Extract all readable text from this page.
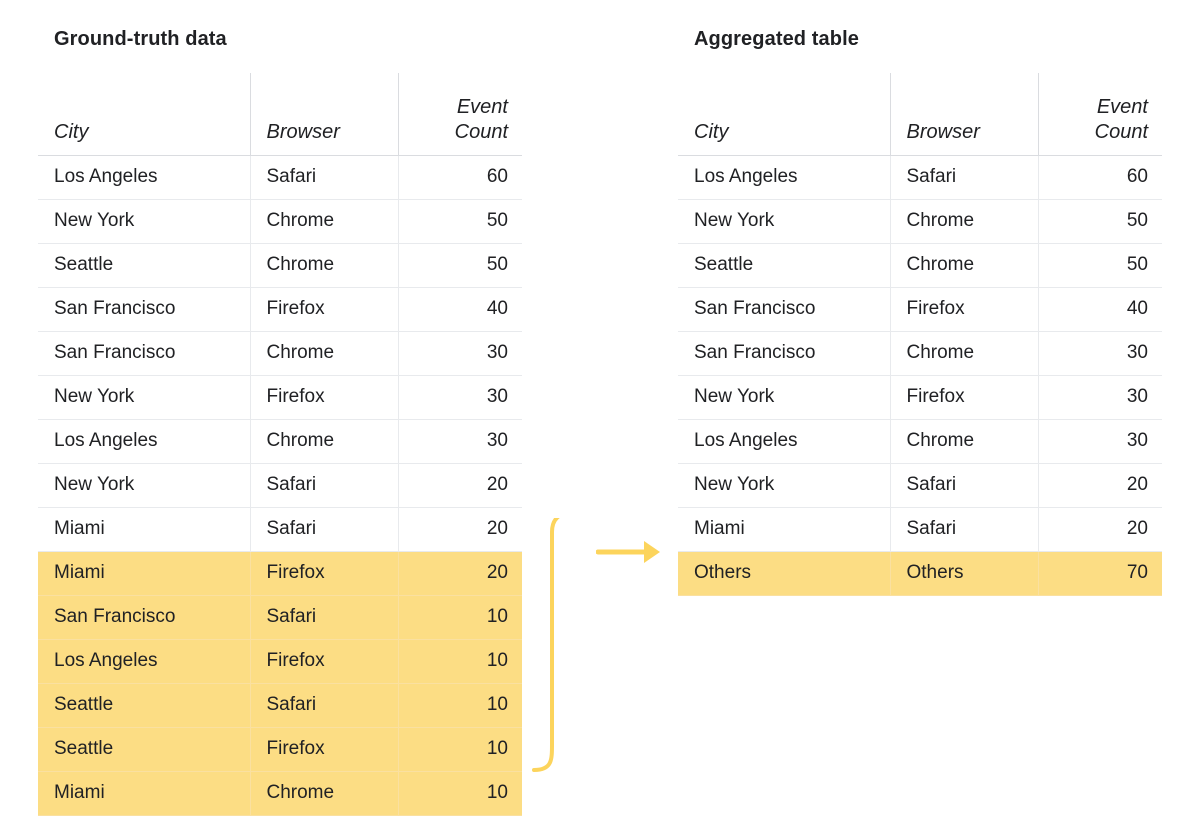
Ground-truth data
City	Browser	Event
Count

Los Angeles	Safari	60
New York	Chrome	50
Seattle	Chrome	50
San Francisco	Firefox	40
San Francisco	Chrome	30
New York	Firefox	30
Los Angeles	Chrome	30
New York	Safari	20
Miami	Safari	20
Miami	Firefox	20
San Francisco	Safari	10
Los Angeles	Firefox	10
Seattle	Safari	10
Seattle	Firefox	10
Miami	Chrome	10
Aggregated table
City	Browser	Event
Count

Los Angeles	Safari	60
New York	Chrome	50
Seattle	Chrome	50
San Francisco	Firefox	40
San Francisco	Chrome	30
New York	Firefox	30
Los Angeles	Chrome	30
New York	Safari	20
Miami	Safari	20
Others	Others	70
